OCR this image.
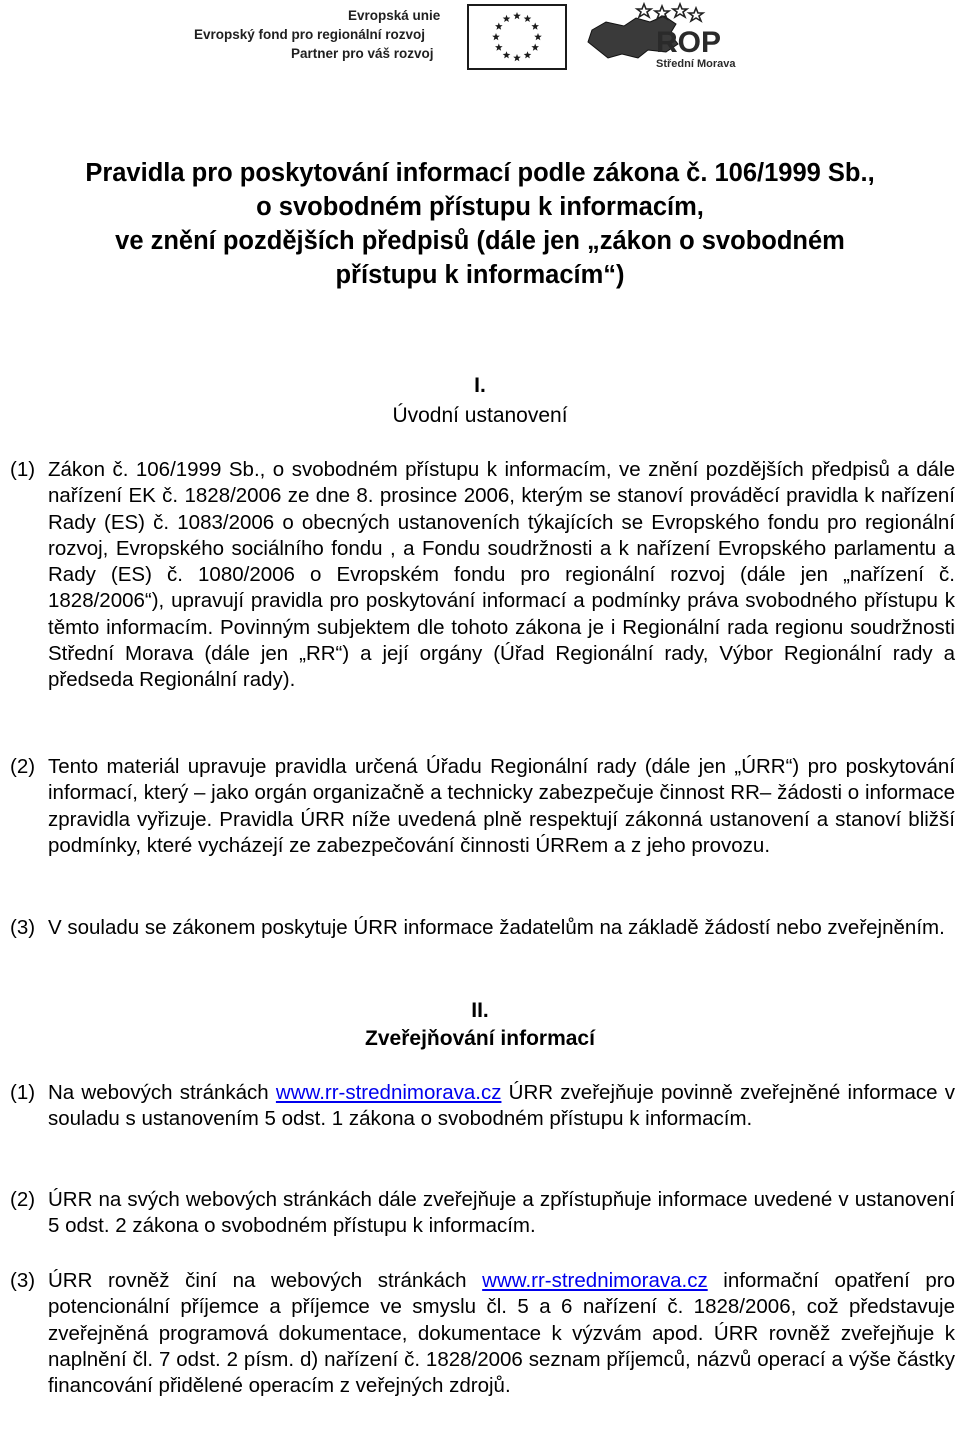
Evropská unie
Evropský fond pro regionální rozvoj
Partner pro váš rozvoj	ROP
Střední Morava
Pravidla pro poskytování informací podle zákona č. 106/1999 Sb.,
o svobodném přístupu k informacím,
ve znění pozdějších předpisů (dále jen „zákon o svobodném
přístupu k informacím“)
I.
Úvodní ustanovení
(1) Zákon č. 106/1999 Sb., o svobodném přístupu k informacím, ve znění pozdějších předpisů a dále nařízení EK č. 1828/2006 ze dne 8. prosince 2006, kterým se stanoví prováděcí pravidla k nařízení Rady (ES) č. 1083/2006 o obecných ustanoveních týkajících se Evropského fondu pro regionální rozvoj, Evropského sociálního fondu , a Fondu soudržnosti a k nařízení Evropského parlamentu a Rady (ES) č. 1080/2006 o Evropském fondu pro regionální rozvoj (dále jen „nařízení č. 1828/2006“), upravují pravidla pro poskytování informací a podmínky práva svobodného přístupu k těmto informacím. Povinným subjektem dle tohoto zákona je i Regionální rada regionu soudržnosti Střední Morava (dále jen „RR“) a její orgány (Úřad Regionální rady, Výbor Regionální rady a předseda Regionální rady).
(2) Tento materiál upravuje pravidla určená Úřadu Regionální rady (dále jen „ÚRR“) pro poskytování informací, který – jako orgán organizačně a technicky zabezpečuje činnost RR– žádosti o informace zpravidla vyřizuje. Pravidla ÚRR níže uvedená plně respektují zákonná ustanovení a stanoví bližší podmínky, které vycházejí ze zabezpečování činnosti ÚRRem a z jeho provozu.
(3) V souladu se zákonem poskytuje ÚRR informace žadatelům na základě žádostí nebo zveřejněním.
II.
Zveřejňování informací
(1) Na webových stránkách www.rr-strednimorava.cz ÚRR zveřejňuje povinně zveřejněné informace v souladu s ustanovením 5 odst. 1 zákona o svobodném přístupu k informacím.
(2) ÚRR na svých webových stránkách dále zveřejňuje a zpřístupňuje informace uvedené v ustanovení 5 odst. 2 zákona o svobodném přístupu k informacím.
(3) ÚRR rovněž činí na webových stránkách www.rr-strednimorava.cz informační opatření pro potencionální příjemce a příjemce ve smyslu čl. 5 a 6 nařízení č. 1828/2006, což představuje zveřejněná programová dokumentace, dokumentace k výzvám apod. ÚRR rovněž zveřejňuje k naplnění čl. 7 odst. 2 písm. d) nařízení č. 1828/2006 seznam příjemců, názvů operací a výše částky financování přidělené operacím z veřejných zdrojů.
